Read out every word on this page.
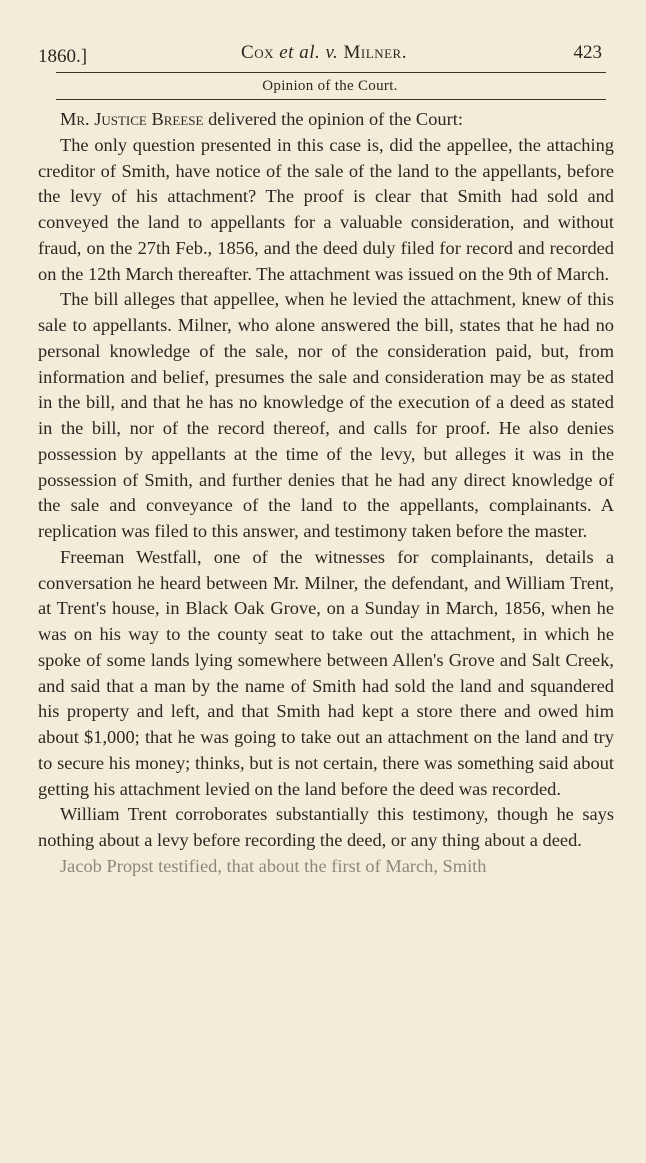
1860.]	Cox et al. v. Milner.	423
Opinion of the Court.

Mr. Justice Breese delivered the opinion of the Court:

The only question presented in this case is, did the appellee, the attaching creditor of Smith, have notice of the sale of the land to the appellants, before the levy of his attachment? The proof is clear that Smith had sold and conveyed the land to appellants for a valuable consideration, and without fraud, on the 27th Feb., 1856, and the deed duly filed for record and recorded on the 12th March thereafter. The attachment was issued on the 9th of March.

The bill alleges that appellee, when he levied the attachment, knew of this sale to appellants. Milner, who alone answered the bill, states that he had no personal knowledge of the sale, nor of the consideration paid, but, from information and belief, presumes the sale and consideration may be as stated in the bill, and that he has no knowledge of the execution of a deed as stated in the bill, nor of the record thereof, and calls for proof. He also denies possession by appellants at the time of the levy, but alleges it was in the possession of Smith, and further denies that he had any direct knowledge of the sale and conveyance of the land to the appellants, complainants. A replication was filed to this answer, and testimony taken before the master.

Freeman Westfall, one of the witnesses for complainants, details a conversation he heard between Mr. Milner, the defendant, and William Trent, at Trent's house, in Black Oak Grove, on a Sunday in March, 1856, when he was on his way to the county seat to take out the attachment, in which he spoke of some lands lying somewhere between Allen's Grove and Salt Creek, and said that a man by the name of Smith had sold the land and squandered his property and left, and that Smith had kept a store there and owed him about $1,000; that he was going to take out an attachment on the land and try to secure his money; thinks, but is not certain, there was something said about getting his attachment levied on the land before the deed was recorded.

William Trent corroborates substantially this testimony, though he says nothing about a levy before recording the deed, or any thing about a deed.

Jacob Propst testified, that about the first of March, Smith
